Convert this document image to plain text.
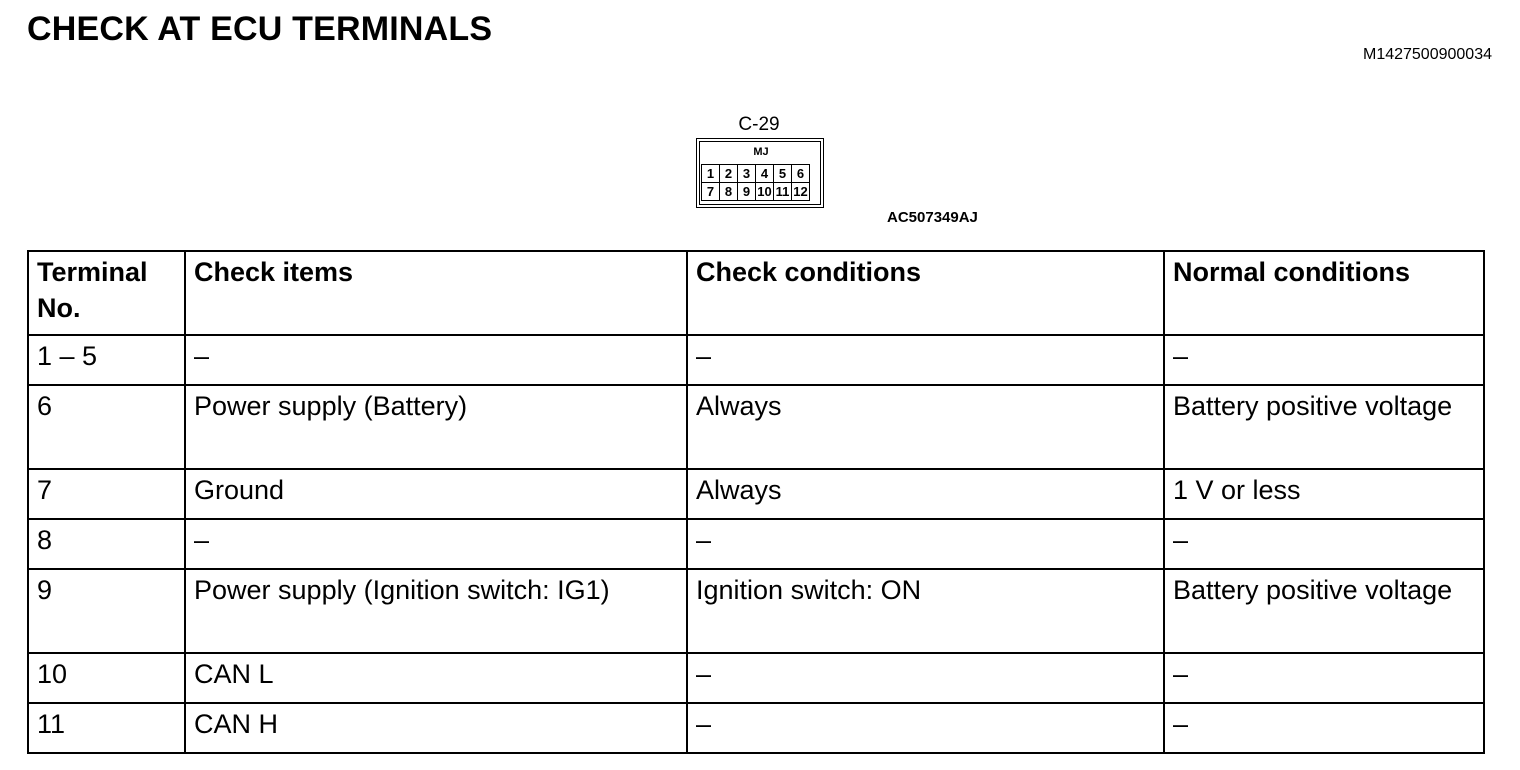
CHECK AT ECU TERMINALS
M1427500900034
C-29
MJ
1	2	3	4	5	6
7	8	9	10	11	12
AC507349AJ
Terminal No.	Check items	Check conditions	Normal conditions
1 – 5	–	–	–
6	Power supply (Battery)	Always	Battery positive voltage
7	Ground	Always	1 V or less
8	–	–	–
9	Power supply (Ignition switch: IG1)	Ignition switch: ON	Battery positive voltage
10	CAN L	–	–
11	CAN H	–	–
